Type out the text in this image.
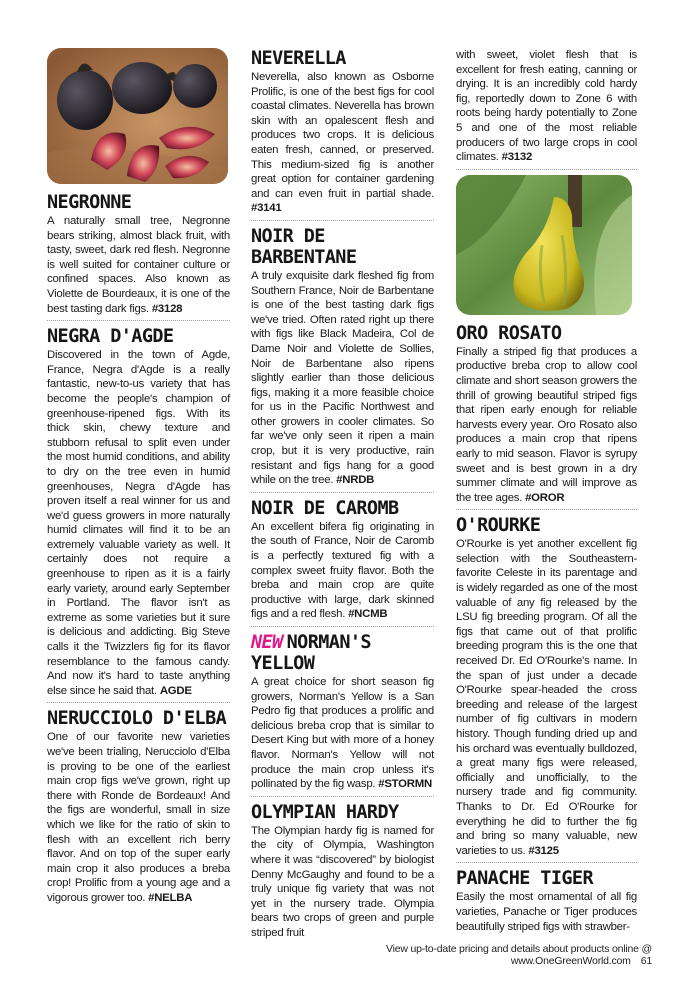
NEGRONNE

A naturally small tree, Negronne bears striking, almost black fruit, with tasty, sweet, dark red flesh. Negronne is well suited for container culture or confined spaces. Also known as Violette de Bourdeaux, it is one of the best tasting dark figs. #3128

NEGRA D'AGDE

Discovered in the town of Agde, France, Negra d'Agde is a really fantastic, new-to-us variety that has become the people's champion of greenhouse-ripened figs. With its thick skin, chewy texture and stubborn refusal to split even under the most humid conditions, and ability to dry on the tree even in humid greenhouses, Negra d'Agde has proven itself a real winner for us and we'd guess growers in more naturally humid climates will find it to be an extremely valuable variety as well. It certainly does not require a greenhouse to ripen as it is a fairly early variety, around early September in Portland. The flavor isn't as extreme as some varieties but it sure is delicious and addicting. Big Steve calls it the Twizzlers fig for its flavor resemblance to the famous candy. And now it's hard to taste anything else since he said that. AGDE

NERUCCIOLO D'ELBA

One of our favorite new varieties we've been trialing, Nerucciolo d'Elba is proving to be one of the earliest main crop figs we've grown, right up there with Ronde de Bordeaux! And the figs are wonderful, small in size which we like for the ratio of skin to flesh with an excellent rich berry flavor. And on top of the super early main crop it also produces a breba crop! Prolific from a young age and a vigorous grower too. #NELBA

NEVERELLA

Neverella, also known as Osborne Prolific, is one of the best figs for cool coastal climates. Neverella has brown skin with an opalescent flesh and produces two crops. It is delicious eaten fresh, canned, or preserved. This medium-sized fig is another great option for container gardening and can even fruit in partial shade. #3141

NOIR DE BARBENTANE

A truly exquisite dark fleshed fig from Southern France, Noir de Barbentane is one of the best tasting dark figs we've tried. Often rated right up there with figs like Black Madeira, Col de Dame Noir and Violette de Sollies, Noir de Barbentane also ripens slightly earlier than those delicious figs, making it a more feasible choice for us in the Pacific Northwest and other growers in cooler climates. So far we've only seen it ripen a main crop, but it is very productive, rain resistant and figs hang for a good while on the tree. #NRDB

NOIR DE CAROMB

An excellent bifera fig originating in the south of France, Noir de Caromb is a perfectly textured fig with a complex sweet fruity flavor. Both the breba and main crop are quite productive with large, dark skinned figs and a red flesh. #NCMB

NEW NORMAN'S YELLOW

A great choice for short season fig growers, Norman's Yellow is a San Pedro fig that produces a prolific and delicious breba crop that is similar to Desert King but with more of a honey flavor. Norman's Yellow will not produce the main crop unless it's pollinated by the fig wasp. #STORMN

OLYMPIAN HARDY

The Olympian hardy fig is named for the city of Olympia, Washington where it was “discovered” by biologist Denny McGaughy and found to be a truly unique fig variety that was not yet in the nursery trade. Olympia bears two crops of green and purple striped fruit

with sweet, violet flesh that is excellent for fresh eating, canning or drying. It is an incredibly cold hardy fig, reportedly down to Zone 6 with roots being hardy potentially to Zone 5 and one of the most reliable producers of two large crops in cool climates. #3132

ORO ROSATO

Finally a striped fig that produces a productive breba crop to allow cool climate and short season growers the thrill of growing beautiful striped figs that ripen early enough for reliable harvests every year. Oro Rosato also produces a main crop that ripens early to mid season. Flavor is syrupy sweet and is best grown in a dry summer climate and will improve as the tree ages. #OROR

O'ROURKE

O'Rourke is yet another excellent fig selection with the Southeastern-favorite Celeste in its parentage and is widely regarded as one of the most valuable of any fig released by the LSU fig breeding program. Of all the figs that came out of that prolific breeding program this is the one that received Dr. Ed O'Rourke's name. In the span of just under a decade O'Rourke spear-headed the cross breeding and release of the largest number of fig cultivars in modern history. Though funding dried up and his orchard was eventually bulldozed, a great many figs were released, officially and unofficially, to the nursery trade and fig community. Thanks to Dr. Ed O'Rourke for everything he did to further the fig and bring so many valuable, new varieties to us. #3125

PANACHE TIGER

Easily the most ornamental of all fig varieties, Panache or Tiger produces beautifully striped figs with strawber-

View up-to-date pricing and details about products online @ www.OneGreenWorld.com 61
